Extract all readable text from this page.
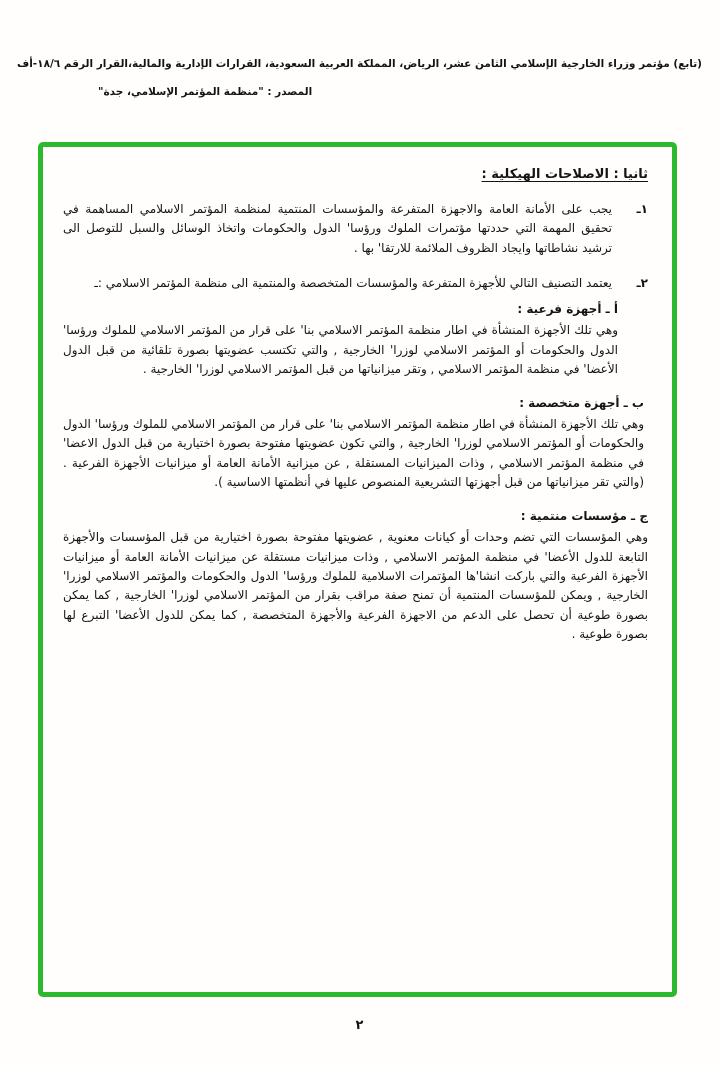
(تابع) مؤتمر وزراء الخارجية الإسلامي الثامن عشر، الرياض، المملكة العربية السعودية، القرارات الإدارية والمالية،القرار الرقم ١٨/٦-أف
المصدر : "منظمة المؤتمر الإسلامي، جدة"
ثانيا : الاصلاحات الهيكلية :
١ـ
يجب على الأمانة العامة والاجهزة المتفرعة والمؤسسات المنتمية لمنظمة المؤتمر الاسلامي المساهمة في تحقيق المهمة التي حددتها مؤتمرات الملوك ورؤسا' الدول والحكومات واتخاذ الوسائل والسبل للتوصل الى ترشيد نشاطاتها وايجاد الظروف الملائمة للارتقا' بها .
٢ـ
يعتمد التصنيف التالي للأجهزة المتفرعة والمؤسسات المتخصصة والمنتمية الى منظمة المؤتمر الاسلامي :ـ
أ ـ أجهزة فرعية :
وهي تلك الأجهزة المنشأة في اطار منظمة المؤتمر الاسلامي بنا' على قرار من المؤتمر الاسلامي للملوك ورؤسا' الدول والحكومات أو المؤتمر الاسلامي لوزرا' الخارجية , والتي تكتسب عضويتها بصورة تلقائية من قبل الدول الأعضا' في منظمة المؤتمر الاسلامي , وتقر ميزانياتها من قبل المؤتمر الاسلامي لوزرا' الخارجية .
ب ـ أجهزة متخصصة :
وهي تلك الأجهزة المنشأة في اطار منظمة المؤتمر الاسلامي بنا' على قرار من المؤتمر الاسلامي للملوك ورؤسا' الدول والحكومات أو المؤتمر الاسلامي لوزرا' الخارجية , والتي تكون عضويتها مفتوحة بصورة اختيارية من قبل الدول الاعضا' في منظمة المؤتمر الاسلامي , وذات الميزانيات المستقلة , عن ميزانية الأمانة العامة أو ميزانيات الأجهزة الفرعية .(والتي تقر ميزانياتها من قبل أجهزتها التشريعية المنصوص عليها في أنظمتها الاساسية ).
ج ـ مؤسسات منتمية :
وهي المؤسسات التي تضم وحدات أو كيانات معنوية , عضويتها مفتوحة بصورة اختيارية من قبل المؤسسات والأجهزة التابعة للدول الأعضا' في منظمة المؤتمر الاسلامي , وذات ميزانيات مستقلة عن ميزانيات الأمانة العامة أو ميزانيات الأجهزة الفرعية والتي باركت انشا'ها المؤتمرات الاسلامية للملوك ورؤسا' الدول والحكومات والمؤتمر الاسلامي لوزرا' الخارجية , ويمكن للمؤسسات المنتمية أن تمنح صفة مراقب بقرار من المؤتمر الاسلامي لوزرا' الخارجية , كما يمكن بصورة طوعية أن تحصل على الدعم من الاجهزة الفرعية والأجهزة المتخصصة , كما يمكن للدول الأعضا' التبرع لها بصورة طوعية .
٢
